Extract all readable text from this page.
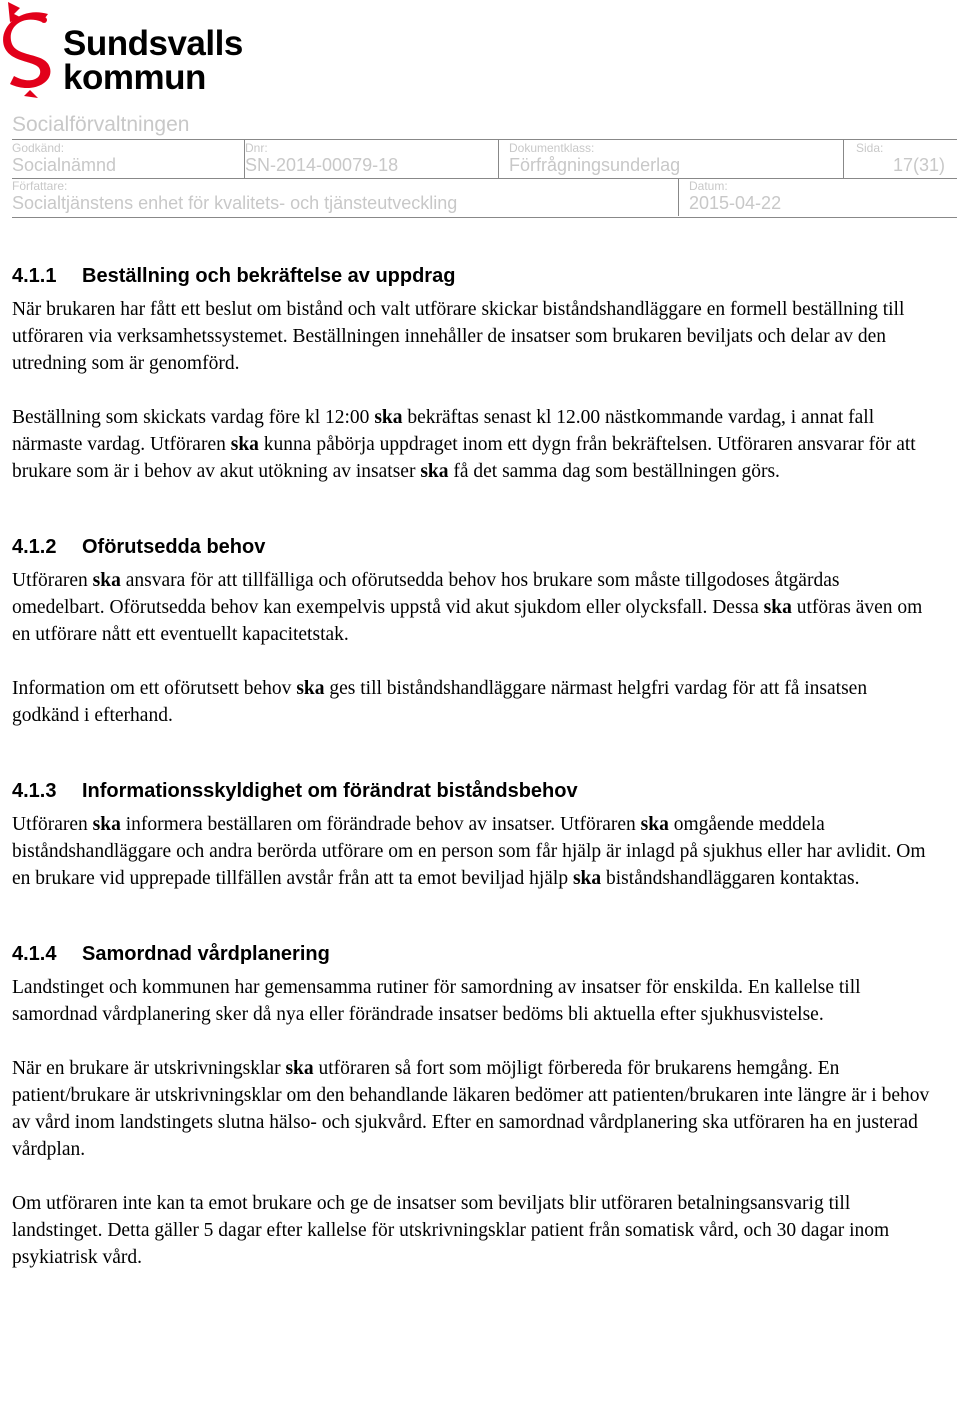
Sundsvalls
kommun
Socialförvaltningen
Godkänd:
Socialnämnd
Dnr:
SN-2014-00079-18
Dokumentklass:
Förfrågningsunderlag
Sida:
17(31)
Författare:
Socialtjänstens enhet för kvalitets- och tjänsteutveckling
Datum:
2015-04-22
4.1.1 Beställning och bekräftelse av uppdrag

När brukaren har fått ett beslut om bistånd och valt utförare skickar biståndshandläggare en formell beställning till utföraren via verksamhetssystemet. Beställningen innehåller de insatser som brukaren beviljats och delar av den utredning som är genomförd.

Beställning som skickats vardag före kl 12:00 ska bekräftas senast kl 12.00 nästkommande vardag, i annat fall närmaste vardag. Utföraren ska kunna påbörja uppdraget inom ett dygn från bekräftelsen. Utföraren ansvarar för att brukare som är i behov av akut utökning av insatser ska få det samma dag som beställningen görs.

4.1.2 Oförutsedda behov

Utföraren ska ansvara för att tillfälliga och oförutsedda behov hos brukare som måste tillgodoses åtgärdas omedelbart. Oförutsedda behov kan exempelvis uppstå vid akut sjukdom eller olycksfall. Dessa ska utföras även om en utförare nått ett eventuellt kapacitetstak.

Information om ett oförutsett behov ska ges till biståndshandläggare närmast helgfri vardag för att få insatsen godkänd i efterhand.

4.1.3 Informationsskyldighet om förändrat biståndsbehov

Utföraren ska informera beställaren om förändrade behov av insatser. Utföraren ska omgående meddela biståndshandläggare och andra berörda utförare om en person som får hjälp är inlagd på sjukhus eller har avlidit. Om en brukare vid upprepade tillfällen avstår från att ta emot beviljad hjälp ska biståndshandläggaren kontaktas.

4.1.4 Samordnad vårdplanering

Landstinget och kommunen har gemensamma rutiner för samordning av insatser för enskilda. En kallelse till samordnad vårdplanering sker då nya eller förändrade insatser bedöms bli aktuella efter sjukhusvistelse.

När en brukare är utskrivningsklar ska utföraren så fort som möjligt förbereda för brukarens hemgång. En patient/brukare är utskrivningsklar om den behandlande läkaren bedömer att patienten/brukaren inte längre är i behov av vård inom landstingets slutna hälso- och sjukvård. Efter en samordnad vårdplanering ska utföraren ha en justerad vårdplan.

Om utföraren inte kan ta emot brukare och ge de insatser som beviljats blir utföraren betalningsansvarig till landstinget. Detta gäller 5 dagar efter kallelse för utskrivningsklar patient från somatisk vård, och 30 dagar inom psykiatrisk vård.
